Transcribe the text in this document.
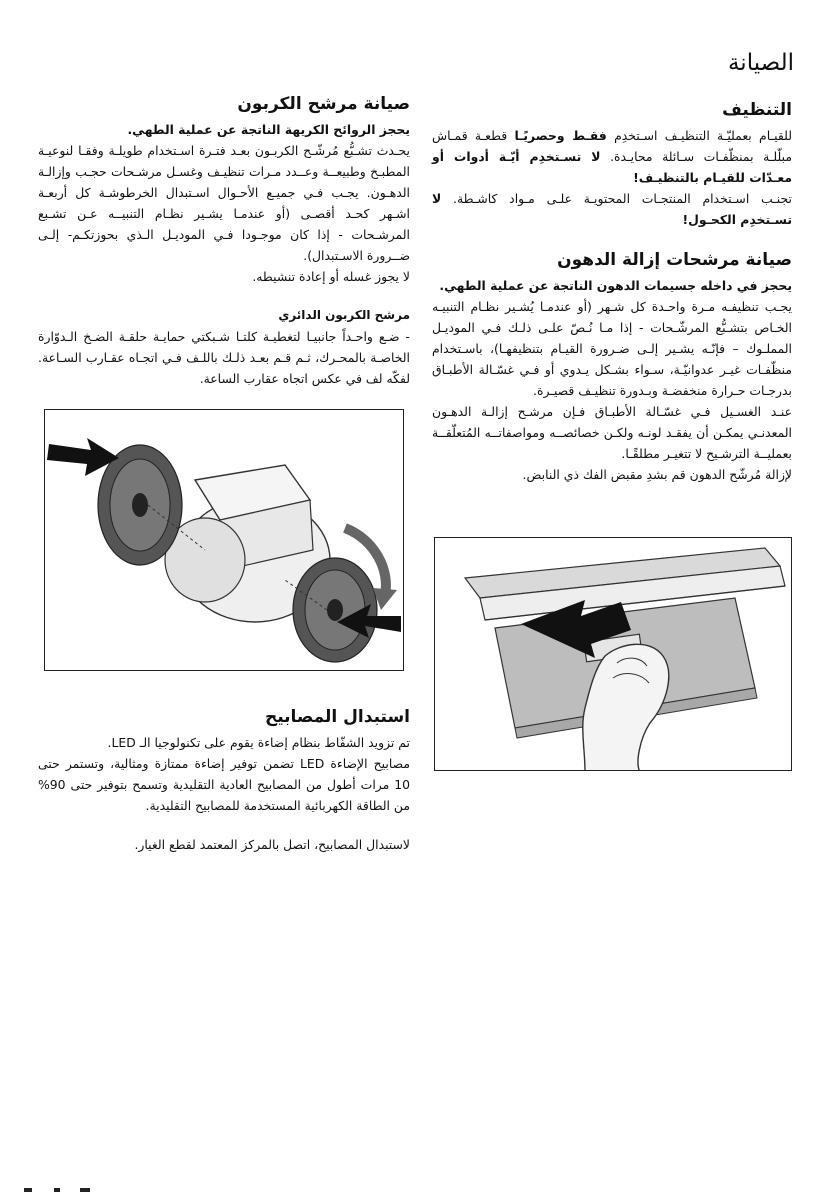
الصيانة
التنظيف

للقيـام بعمليّـة التنظيـف اسـتخدِم فقـط وحصريًـا قطعـة قمـاش مبلّلـة بمنظّفـات سـائلة محايـدة. لا تسـتخدِم أيّـة أدوات أو معـدّات للقيـام بالتنظيـف!

تجنـب اسـتخدام المنتجـات المحتويـة علـى مـواد كاشـطة. لا تسـتخدِم الكحـول!

صيانة مرشحات إزالة الدهون
يحجز في داخله جسيمات الدهون الناتجة عن عملية الطهي.

يجـب تنظيفـه مـرة واحـدة كل شـهر (أو عندمـا يُشـير نظـام التنبيـه الخـاص بتشـبُّع المرشّـحات - إذا مـا نُـصّ علـى ذلـك فـي الموديـل المملـوك – فإنّـه يشـير إلـى ضـرورة القيـام بتنظيفهـا)، باسـتخدام منظّفـات غيـر عدوانيّـة، سـواء بشـكل يـدوي أو فـي غسّـالة الأطبـاق بدرجـات حـرارة منخفضـة وبـدورة تنظيـف قصيـرة.

عنـد الغسـيل فـي غسّـالة الأطبـاق فـإن مرشـح إزالـة الدهـون المعدنـي يمكـن أن يفقـد لونـه ولكـن خصائصــه ومواصفاتــه المُتعلّقــة بعمليــة الترشـيح لا تتغيـر مطلقًـا.

لإزالة مُرشّح الدهون قم بشدِ مقبض الفك ذي النابض.

صيانة مرشح الكربون
يحجز الروائح الكريهة الناتجة عن عملية الطهي.

يحـدث تشـبُّع مُرشّـح الكربـون بعـد فتـرة اسـتخدام طويلـة وفقـا لنوعيـة المطبـخ وطبيعــة وعــدد مـرات تنظيـف وغسـل مرشـحات حجـب وإزالـة الدهـون. يجـب فـي جميـع الأحـوال اسـتبدال الخرطوشـة كل أربعـة اشـهر كحـد أقصـى (أو عندمـا يشـير نظـام التنبيــه عـن تشـبع المرشـحات - إذا كان موجـودا فـي الموديـل الـذي بحوزتكـم- إلـى ضــرورة الاسـتبدال).

لا يجوز غسله أو إعادة تنشيطه.

مرشح الكربون الدائري

- ضـع واحـداً جانبيـا لتغطيـة كلتـا شـبكتي حمايـة حلقـة الضـخ الـدوّارة الخاصـة بالمحـرك، ثـم قـم بعـد ذلـك باللـف فـي اتجـاه عقـارب السـاعة. لفكّه لف في عكس اتجاه عقارب الساعة.

استبدال المصابيح

تم تزويد الشفّاط بنظام إضاءة يقوم على تكنولوجيا الـ LED.

مصابيح الإضاءة LED تضمن توفير إضاءة ممتازة ومثالية، وتستمر حتى 10 مرات أطول من المصابيح العادية التقليدية وتسمح بتوفير حتى 90% من الطاقة الكهربائية المستخدمة للمصابيح التقليدية.

لاستبدال المصابيح، اتصل بالمركز المعتمد لقطع الغيار.
